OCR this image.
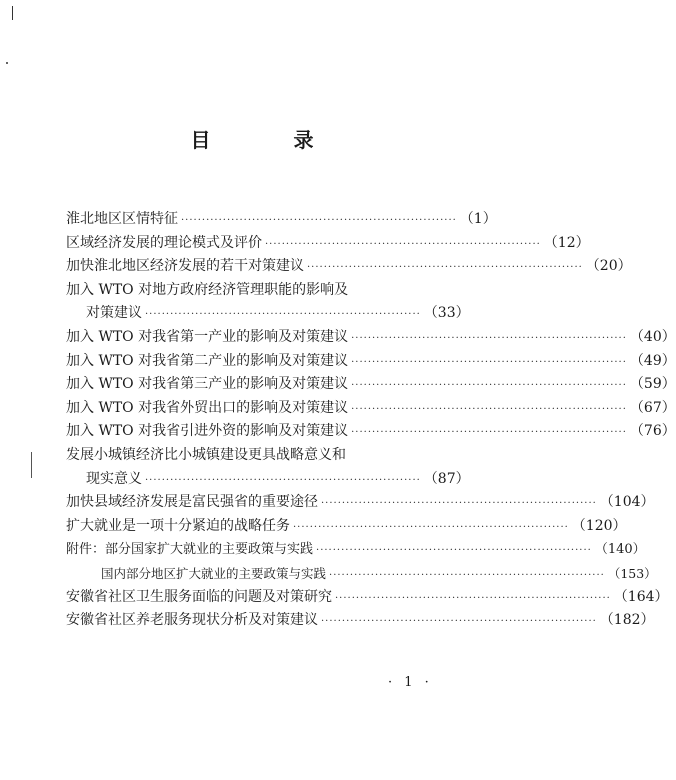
目 录
淮北地区区情特征 ·································································· （1）
区域经济发展的理论模式及评价 ·································································· （12）
加快淮北地区经济发展的若干对策建议 ·································································· （20）
加入 WTO 对地方政府经济管理职能的影响及
对策建议 ·································································· （33）
加入 WTO 对我省第一产业的影响及对策建议 ·································································· （40）
加入 WTO 对我省第二产业的影响及对策建议 ·································································· （49）
加入 WTO 对我省第三产业的影响及对策建议 ·································································· （59）
加入 WTO 对我省外贸出口的影响及对策建议 ·································································· （67）
加入 WTO 对我省引进外资的影响及对策建议 ·································································· （76）
发展小城镇经济比小城镇建设更具战略意义和
现实意义 ·································································· （87）
加快县域经济发展是富民强省的重要途径 ·································································· （104）
扩大就业是一项十分紧迫的战略任务 ·································································· （120）
附件：部分国家扩大就业的主要政策与实践 ·································································· （140）
国内部分地区扩大就业的主要政策与实践 ·································································· （153）
安徽省社区卫生服务面临的问题及对策研究 ·································································· （164）
安徽省社区养老服务现状分析及对策建议 ·································································· （182）
· 1 ·
